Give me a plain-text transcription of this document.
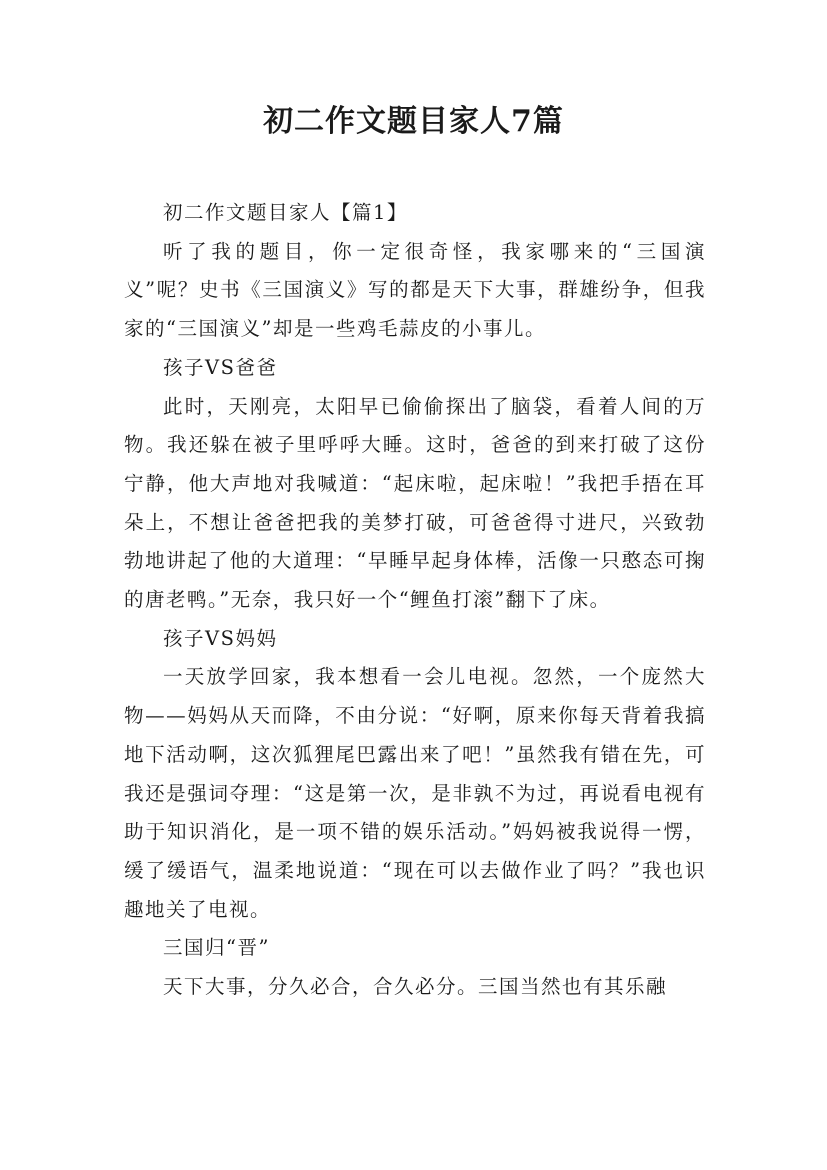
初二作文题目家人7篇

初二作文题目家人【篇1】

听了我的题目，你一定很奇怪，我家哪来的“三国演义”呢？史书《三国演义》写的都是天下大事，群雄纷争，但我家的“三国演义”却是一些鸡毛蒜皮的小事儿。

孩子VS爸爸

此时，天刚亮，太阳早已偷偷探出了脑袋，看着人间的万物。我还躲在被子里呼呼大睡。这时，爸爸的到来打破了这份宁静，他大声地对我喊道：“起床啦，起床啦！”我把手捂在耳朵上，不想让爸爸把我的美梦打破，可爸爸得寸进尺，兴致勃勃地讲起了他的大道理：“早睡早起身体棒，活像一只憨态可掬的唐老鸭。”无奈，我只好一个“鲤鱼打滚”翻下了床。

孩子VS妈妈

一天放学回家，我本想看一会儿电视。忽然，一个庞然大物——妈妈从天而降，不由分说：“好啊，原来你每天背着我搞地下活动啊，这次狐狸尾巴露出来了吧！”虽然我有错在先，可我还是强词夺理：“这是第一次，是非孰不为过，再说看电视有助于知识消化，是一项不错的娱乐活动。”妈妈被我说得一愣，缓了缓语气，温柔地说道：“现在可以去做作业了吗？”我也识趣地关了电视。

三国归“晋”

天下大事，分久必合，合久必分。三国当然也有其乐融
